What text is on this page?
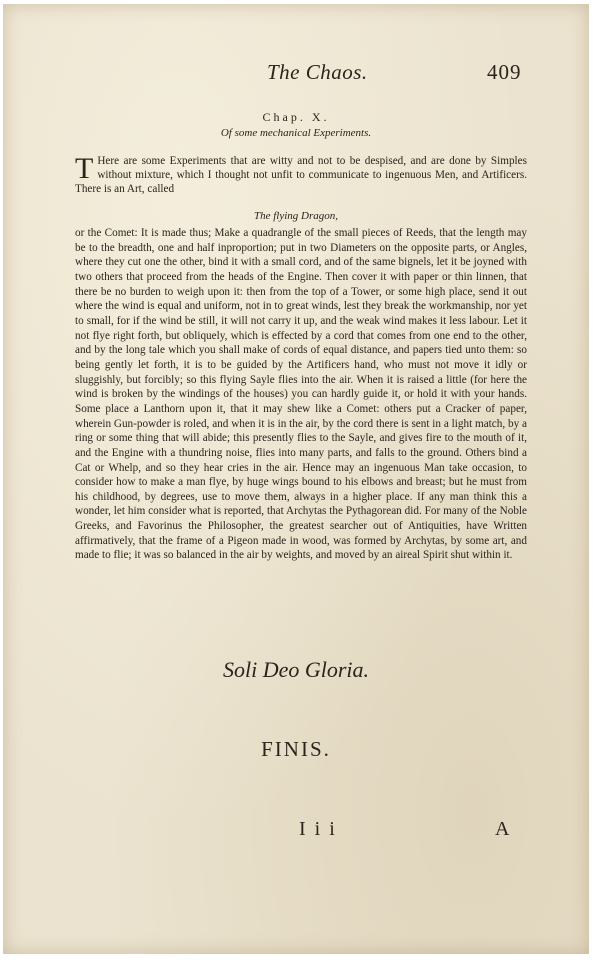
The Chaos.	409
Chap. X.
Of some mechanical Experiments.
T Here are some Experiments that are witty and not to be despised, and are done by Simples without mixture, which I thought not unfit to communicate to ingenuous Men, and Artificers. There is an Art, called
The flying Dragon,
or the Comet: It is made thus; Make a quadrangle of the small pieces of Reeds, that the length may be to the breadth, one and half inproportion; put in two Diameters on the opposite parts, or Angles, where they cut one the other, bind it with a small cord, and of the same bignels, let it be joyned with two others that proceed from the heads of the Engine. Then cover it with paper or thin linnen, that there be no burden to weigh upon it: then from the top of a Tower, or some high place, send it out where the wind is equal and uniform, not in to great winds, lest they break the workmanship, nor yet to small, for if the wind be still, it will not carry it up, and the weak wind makes it less labour. Let it not flye right forth, but obliquely, which is effected by a cord that comes from one end to the other, and by the long tale which you shall make of cords of equal distance, and papers tied unto them: so being gently let forth, it is to be guided by the Artificers hand, who must not move it idly or sluggishly, but forcibly; so this flying Sayle flies into the air. When it is raised a little (for here the wind is broken by the windings of the houses) you can hardly guide it, or hold it with your hands. Some place a Lanthorn upon it, that it may shew like a Comet: others put a Cracker of paper, wherein Gun-powder is roled, and when it is in the air, by the cord there is sent in a light match, by a ring or some thing that will abide; this presently flies to the Sayle, and gives fire to the mouth of it, and the Engine with a thundring noise, flies into many parts, and falls to the ground. Others bind a Cat or Whelp, and so they hear cries in the air. Hence may an ingenuous Man take occasion, to consider how to make a man flye, by huge wings bound to his elbows and breast; but he must from his childhood, by degrees, use to move them, always in a higher place. If any man think this a wonder, let him consider what is reported, that Archytas the Pythagorean did. For many of the Noble Greeks, and Favorinus the Philosopher, the greatest searcher out of Antiquities, have Written affirmatively, that the frame of a Pigeon made in wood, was formed by Archytas, by some art, and made to flie; it was so balanced in the air by weights, and moved by an aireal Spirit shut within it.
Soli Deo Gloria.
FINIS.
I i i	A
